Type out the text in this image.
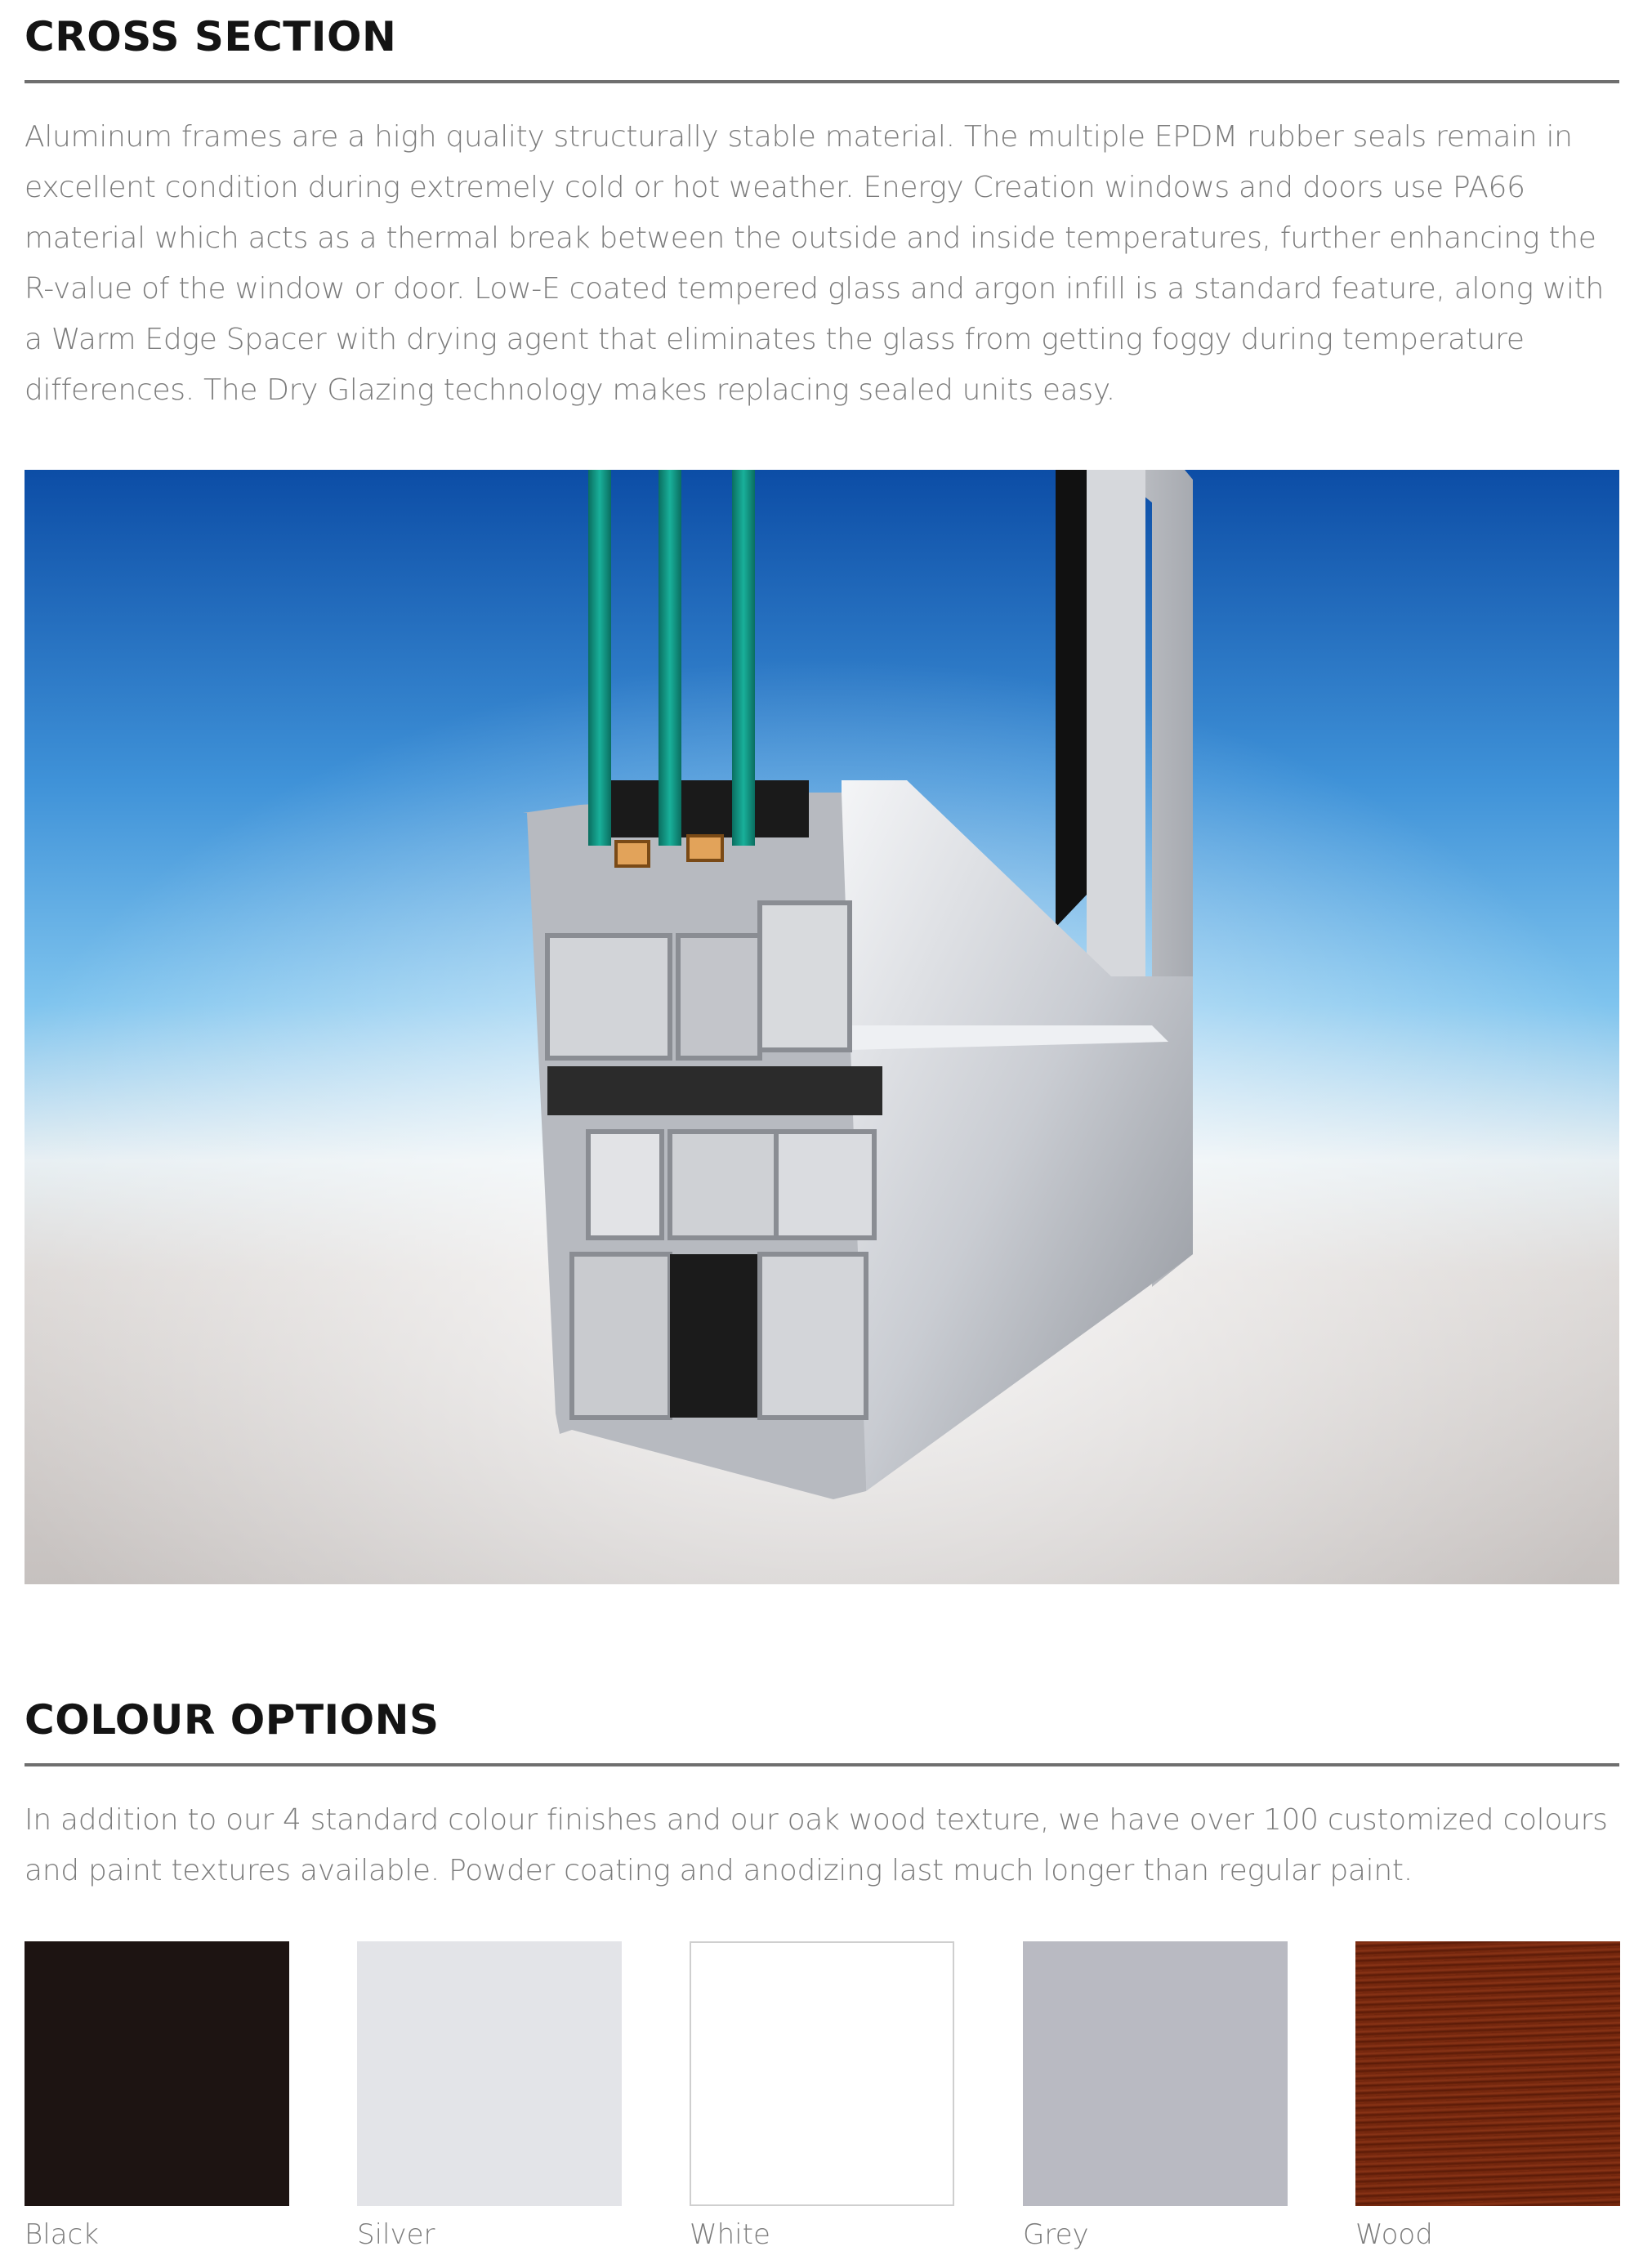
CROSS SECTION

Aluminum frames are a high quality structurally stable material. The multiple EPDM rubber seals remain in excellent condition during extremely cold or hot weather. Energy Creation windows and doors use PA66 material which acts as a thermal break between the outside and inside temperatures, further enhancing the R-value of the window or door. Low-E coated tempered glass and argon infill is a standard feature, along with a Warm Edge Spacer with drying agent that eliminates the glass from getting foggy during temperature differences. The Dry Glazing technology makes replacing sealed units easy.

COLOUR OPTIONS

In addition to our 4 standard colour finishes and our oak wood texture, we have over 100 customized colours and paint textures available. Powder coating and anodizing last much longer than regular paint.

Black	Silver	White	Grey	Wood
